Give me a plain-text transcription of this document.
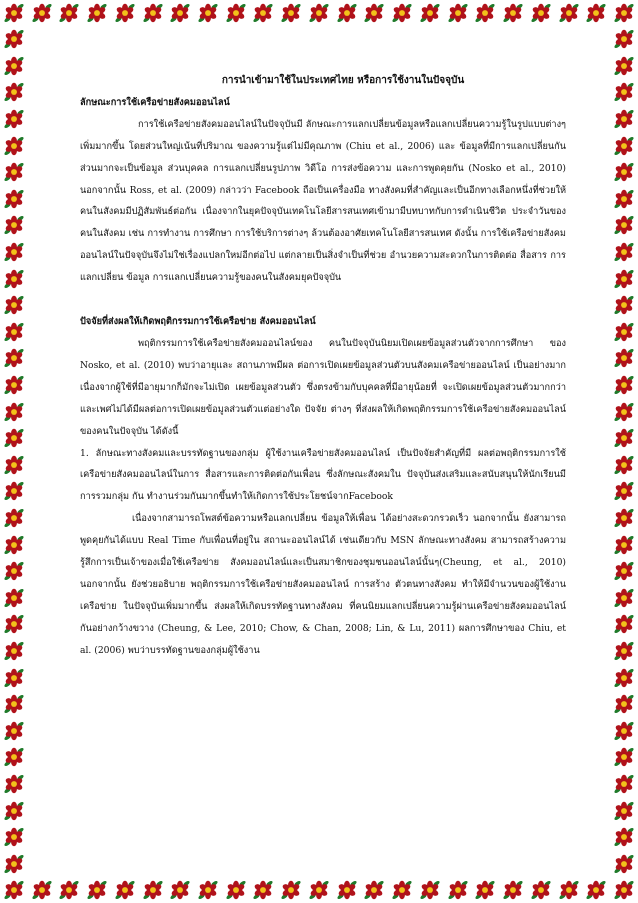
การนำเข้ามาใช้ในประเทศไทย หรือการใช้งานในปัจจุบัน

ลักษณะการใช้เครือข่ายสังคมออนไลน์

การใช้เครือข่ายสังคมออนไลน์ในปัจจุบันมี ลักษณะการแลกเปลี่ยนข้อมูลหรือแลกเปลี่ยนความรู้ในรูปแบบต่างๆ เพิ่มมากขึ้น โดยส่วนใหญ่เน้นที่ปริมาณ ของความรู้แต่ไม่มีคุณภาพ (Chiu et al., 2006) และ ข้อมูลที่มีการแลกเปลี่ยนกันส่วนมากจะเป็นข้อมูล ส่วนบุคคล การแลกเปลี่ยนรูปภาพ วิดีโอ การส่งข้อความ และการพูดคุยกัน (Nosko et al., 2010) นอกจากนั้น Ross, et al. (2009) กล่าวว่า Facebook ถือเป็นเครื่องมือ ทางสังคมที่สำคัญและเป็นอีกทางเลือกหนึ่งที่ช่วยให้คนในสังคมมีปฏิสัมพันธ์ต่อกัน เนื่องจากในยุคปัจจุบันเทคโนโลยีสารสนเทศเข้ามามีบทบาทกับการดำเนินชีวิต ประจำวันของคนในสังคม เช่น การทำงาน การศึกษา การใช้บริการต่างๆ ล้วนต้องอาศัยเทคโนโลยีสารสนเทศ ดังนั้น การใช้เครือข่ายสังคมออนไลน์ในปัจจุบันจึงไม่ใช่เรื่องแปลกใหม่อีกต่อไป แต่กลายเป็นสิ่งจำเป็นที่ช่วย อำนวยความสะดวกในการติดต่อ สื่อสาร การแลกเปลี่ยน ข้อมูล การแลกเปลี่ยนความรู้ของคนในสังคมยุคปัจจุบัน

ปัจจัยที่ส่งผลให้เกิดพฤติกรรมการใช้เครือข่าย สังคมออนไลน์

พฤติกรรมการใช้เครือข่ายสังคมออนไลน์ของ คนในปัจจุบันนิยมเปิดเผยข้อมูลส่วนตัวจากการศึกษา ของ Nosko, et al. (2010) พบว่าอายุและ สถานภาพมีผล ต่อการเปิดเผยข้อมูลส่วนตัวบนสังคมเครือข่ายออนไลน์ เป็นอย่างมาก เนื่องจากผู้ใช้ที่มีอายุมากก็มักจะไม่เปิด เผยข้อมูลส่วนตัว ซึ่งตรงข้ามกับบุคคลที่มีอายุน้อยที่ จะเปิดเผยข้อมูลส่วนตัวมากกว่า และเพศไม่ได้มีผลต่อการเปิดเผยข้อมูลส่วนตัวแต่อย่างใด ปัจจัย ต่างๆ ที่ส่งผลให้เกิดพฤติกรรมการใช้เครือข่ายสังคมออนไลน์ของคนในปัจจุบัน ได้ดังนี้

1. ลักษณะทางสังคมและบรรทัดฐานของกลุ่ม ผู้ใช้งานเครือข่ายสังคมออนไลน์ เป็นปัจจัยสำคัญที่มี ผลต่อพฤติกรรมการใช้เครือข่ายสังคมออนไลน์ในการ สื่อสารและการติดต่อกันเพื่อน ซึ่งลักษณะสังคมใน ปัจจุบันส่งเสริมและสนับสนุนให้นักเรียนมีการรวมกลุ่ม กัน ทำงานร่วมกันมากขึ้นทำให้เกิดการใช้ประโยชน์จากFacebook

เนื่องจากสามารถโพสต์ข้อความหรือแลกเปลี่ยน ข้อมูลให้เพื่อน ได้อย่างสะดวกรวดเร็ว นอกจากนั้น ยังสามารถพูดคุยกันได้แบบ Real Time กับเพื่อนที่อยู่ใน สถานะออนไลน์ได้ เช่นเดียวกับ MSN ลักษณะทางสังคม สามารถสร้างความรู้สึกการเป็นเจ้าของเมื่อใช้เครือข่าย สังคมออนไลน์และเป็นสมาชิกของชุมชนออนไลน์นั้นๆ(Cheung, et al., 2010) นอกจากนั้น ยังช่วยอธิบาย พฤติกรรมการใช้เครือข่ายสังคมออนไลน์ การสร้าง ตัวตนทางสังคม ทำให้มีจำนวนของผู้ใช้งานเครือข่าย ในปัจจุบันเพิ่มมากขึ้น ส่งผลให้เกิดบรรทัดฐานทางสังคม ที่คนนิยมแลกเปลี่ยนความรู้ผ่านเครือข่ายสังคมออนไลน์ กันอย่างกว้างขวาง (Cheung, & Lee, 2010; Chow, & Chan, 2008; Lin, & Lu, 2011) ผลการศึกษาของ Chiu, et al. (2006) พบว่าบรรทัดฐานของกลุ่มผู้ใช้งาน
